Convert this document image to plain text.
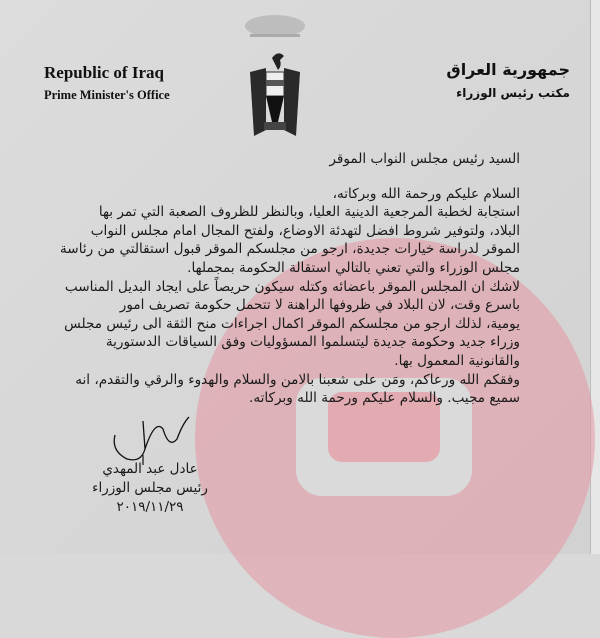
Republic of Iraq
Prime Minister's Office
جمهورية العراق
مكتب رئيس الوزراء
السيد رئيس مجلس النواب الموقر
السلام عليكم ورحمة الله وبركاته،
استجابة لخطبة المرجعية الدينية العليا، وبالنظر للظروف الصعبة التي تمر بها
البلاد، ولتوفير شروط افضل لتهدئة الاوضاع، ولفتح المجال امام مجلس النواب
الموقر لدراسة خيارات جديدة، ارجو من مجلسكم الموقر قبول استقالتي من رئاسة
مجلس الوزراء والتي تعني بالتالي استقالة الحكومة بمجملها.
لاشك ان المجلس الموقر باعضائه وكتله سيكون حريصاً على ايجاد البديل المناسب
باسرع وقت، لان البلاد في ظروفها الراهنة لا تتحمل حكومة تصريف امور
يومية، لذلك ارجو من مجلسكم الموقر اكمال اجراءات منح الثقة الى رئيس مجلس
وزراء جديد وحكومة جديدة ليتسلموا المسؤوليات وفق السياقات الدستورية
والقانونية المعمول بها.
وفقكم الله ورعاكم، ومَن على شعبنا بالامن والسلام والهدوء والرقي والتقدم، انه
سميع مجيب. والسلام عليكم ورحمة الله وبركاته.
عادل عبد المهدي
رئيس مجلس الوزراء
٢٠١٩/١١/٢٩
